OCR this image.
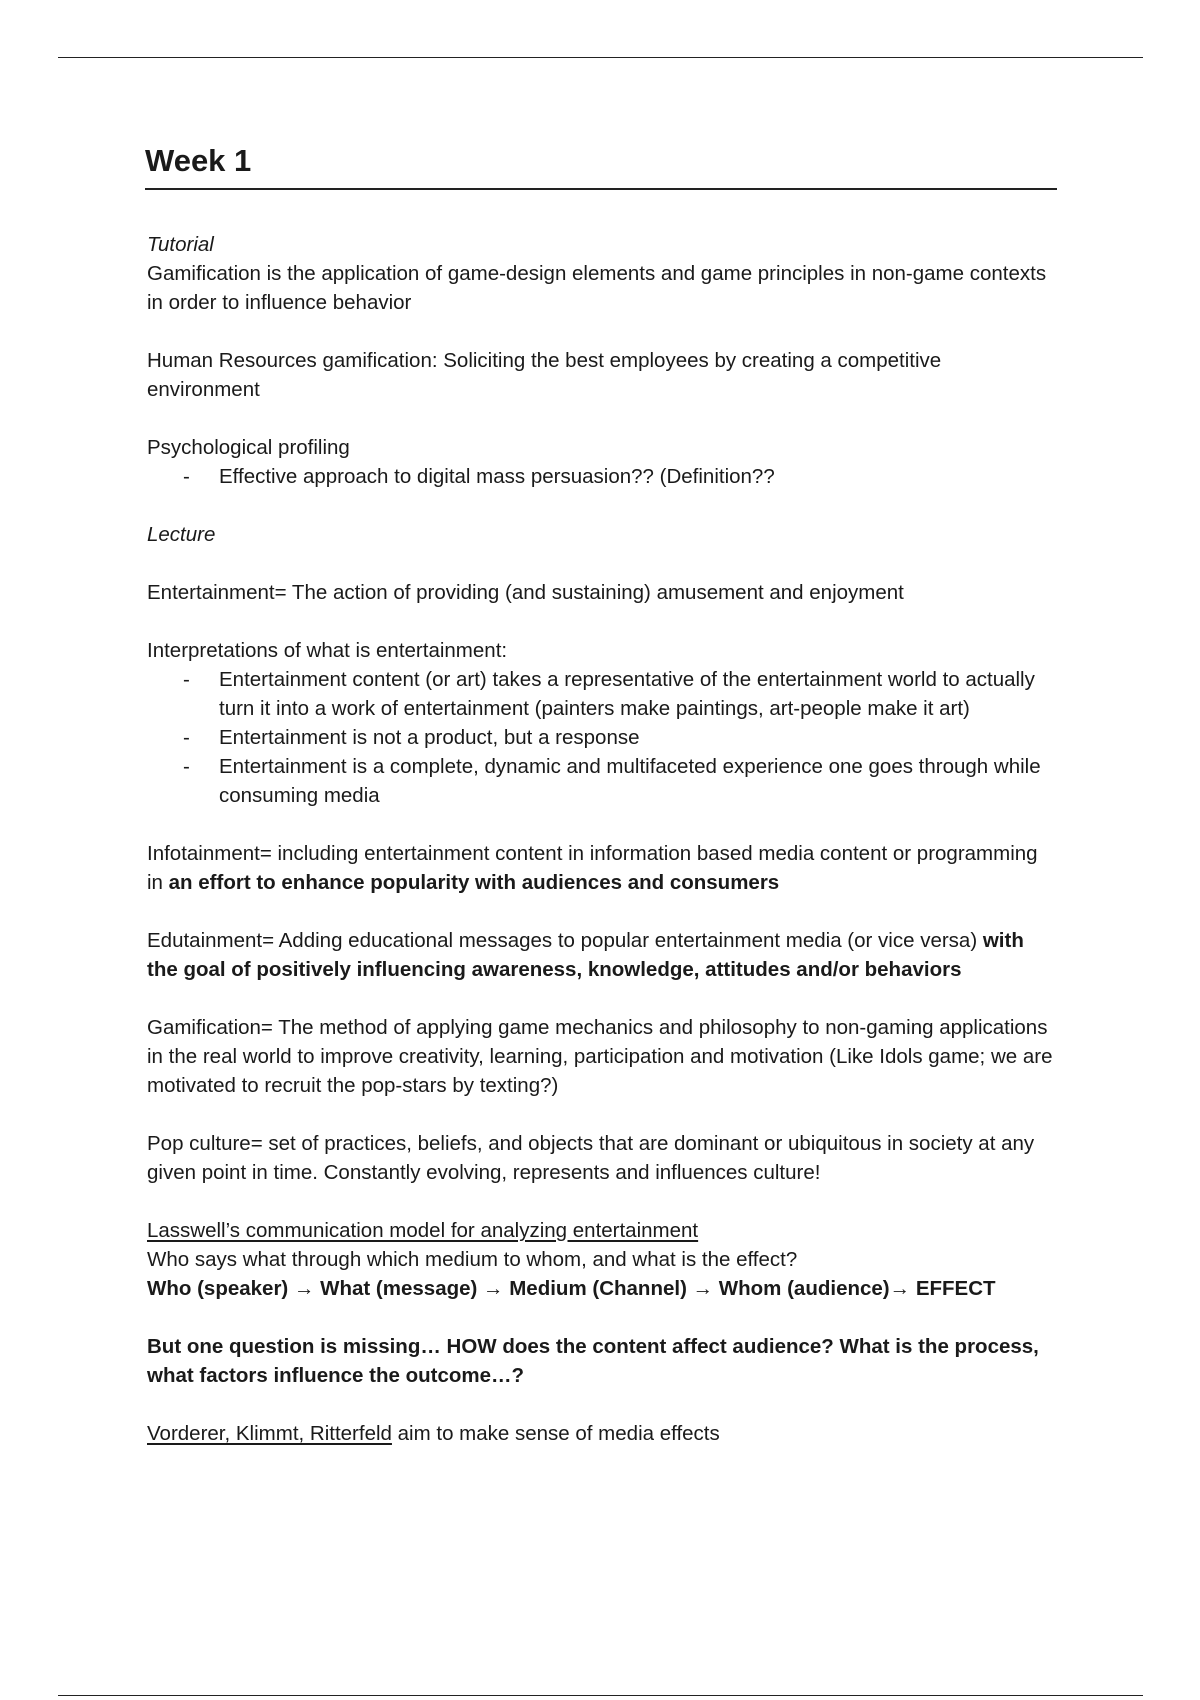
Week 1

Tutorial

Gamification is the application of game-design elements and game principles in non-game contexts in order to influence behavior

Human Resources gamification: Soliciting the best employees by creating a competitive environment

Psychological profiling

- Effective approach to digital mass persuasion?? (Definition??

Lecture

Entertainment= The action of providing (and sustaining) amusement and enjoyment

Interpretations of what is entertainment:

- Entertainment content (or art) takes a representative of the entertainment world to actually turn it into a work of entertainment (painters make paintings, art-people make it art)
- Entertainment is not a product, but a response
- Entertainment is a complete, dynamic and multifaceted experience one goes through while consuming media

Infotainment= including entertainment content in information based media content or programming in an effort to enhance popularity with audiences and consumers

Edutainment= Adding educational messages to popular entertainment media (or vice versa) with the goal of positively influencing awareness, knowledge, attitudes and/or behaviors

Gamification= The method of applying game mechanics and philosophy to non-gaming applications in the real world to improve creativity, learning, participation and motivation (Like Idols game; we are motivated to recruit the pop-stars by texting?)

Pop culture= set of practices, beliefs, and objects that are dominant or ubiquitous in society at any given point in time. Constantly evolving, represents and influences culture!

Lasswell’s communication model for analyzing entertainment

Who says what through which medium to whom, and what is the effect?

Who (speaker) → What (message) → Medium (Channel) → Whom (audience)→ EFFECT

But one question is missing… HOW does the content affect audience? What is the process, what factors influence the outcome…?

Vorderer, Klimmt, Ritterfeld aim to make sense of media effects
